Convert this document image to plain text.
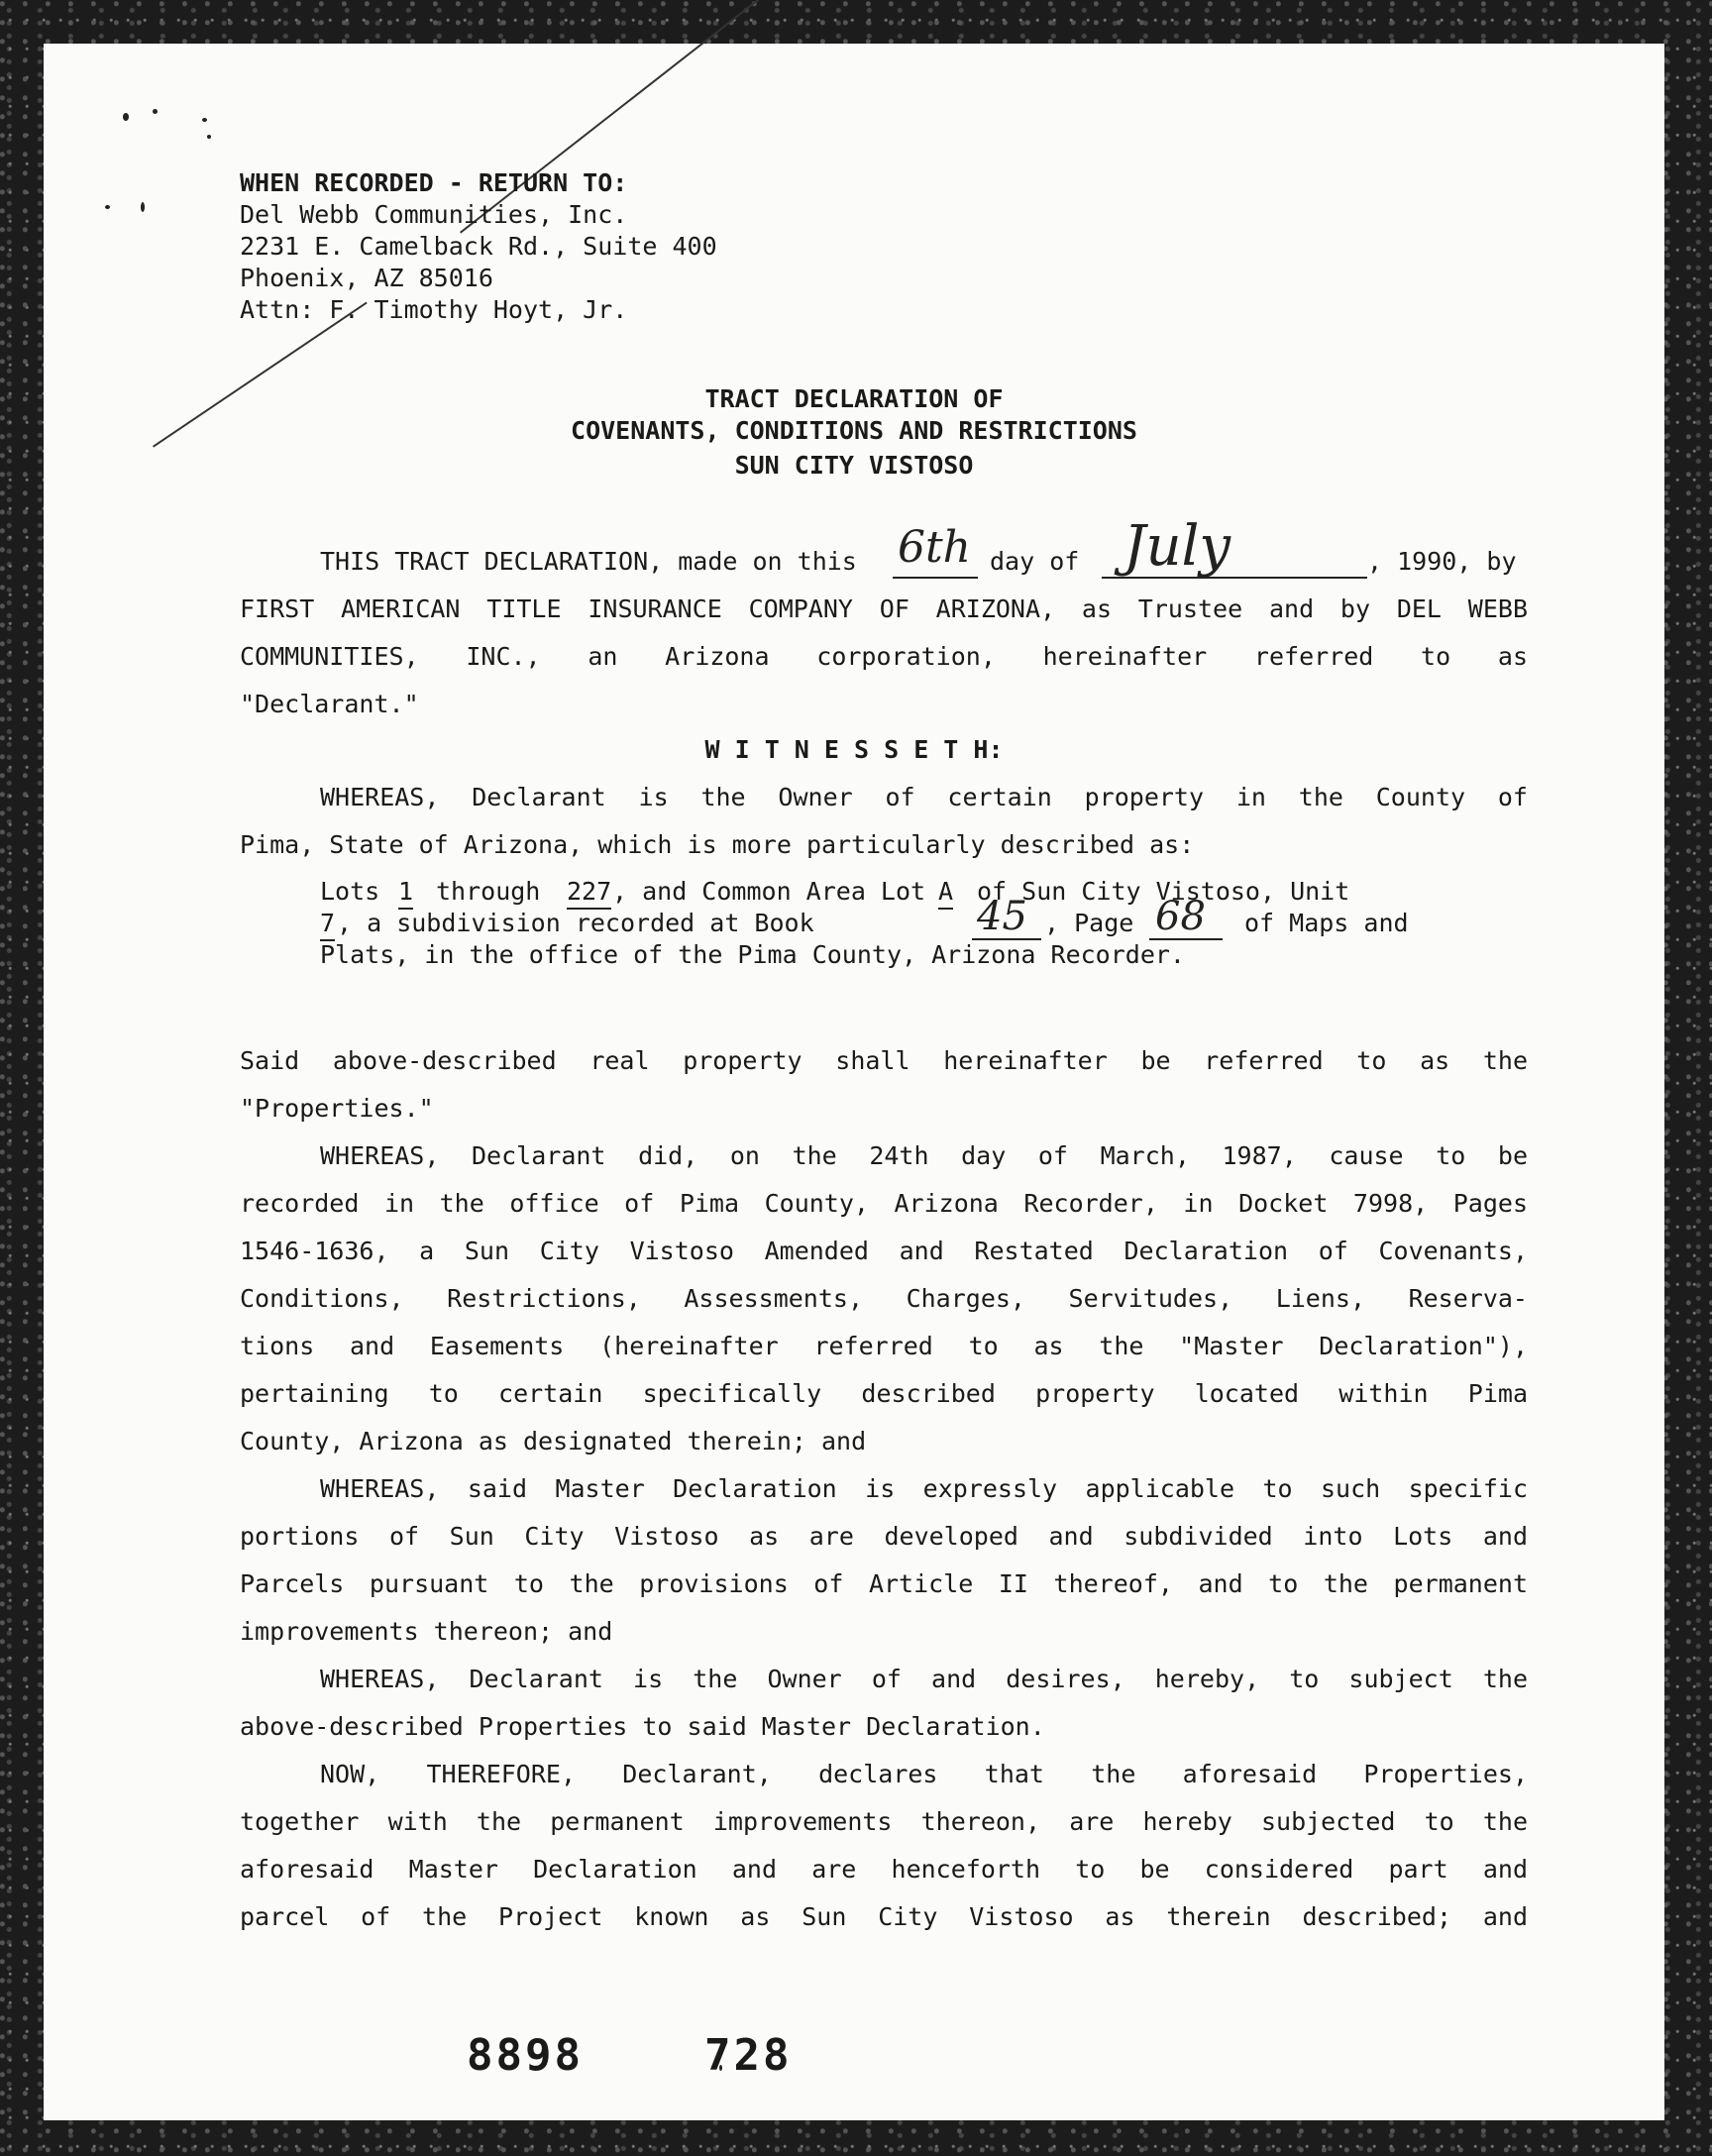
WHEN RECORDED - RETURN TO:
Del Webb Communities, Inc.
2231 E. Camelback Rd., Suite 400
Phoenix, AZ 85016
Attn: F. Timothy Hoyt, Jr.
TRACT DECLARATION OF
COVENANTS, CONDITIONS AND RESTRICTIONS
SUN CITY VISTOSO
THIS TRACT DECLARATION, made on this 6th day of July	, 1990, by
FIRST AMERICAN TITLE INSURANCE COMPANY OF ARIZONA, as Trustee and by DEL WEBB
COMMUNITIES, INC., an Arizona corporation, hereinafter referred to as
"Declarant."
W I T N E S S E T H:
WHEREAS, Declarant is the Owner of certain property in the County of
Pima, State of Arizona, which is more particularly described as:
Lots 1 through 227 , and Common Area Lot A of Sun City Vistoso, Unit
7 , a subdivision recorded at Book	45 , Page 68 of Maps and
Plats, in the office of the Pima County, Arizona Recorder.
Said above-described real property shall hereinafter be referred to as the
"Properties."
WHEREAS, Declarant did, on the 24th day of March, 1987, cause to be
recorded in the office of Pima County, Arizona Recorder, in Docket 7998, Pages
1546-1636, a Sun City Vistoso Amended and Restated Declaration of Covenants,
Conditions, Restrictions, Assessments, Charges, Servitudes, Liens, Reserva-
tions and Easements (hereinafter referred to as the "Master Declaration"),
pertaining to certain specifically described property located within Pima
County, Arizona as designated therein; and
WHEREAS, said Master Declaration is expressly applicable to such specific
portions of Sun City Vistoso as are developed and subdivided into Lots and
Parcels pursuant to the provisions of Article II thereof, and to the permanent
improvements thereon; and
WHEREAS, Declarant is the Owner of and desires, hereby, to subject the
above-described Properties to said Master Declaration.
NOW, THEREFORE, Declarant, declares that the aforesaid Properties,
together with the permanent improvements thereon, are hereby subjected to the
aforesaid Master Declaration and are henceforth to be considered part and
parcel of the Project known as Sun City Vistoso as therein described; and
8898	728
